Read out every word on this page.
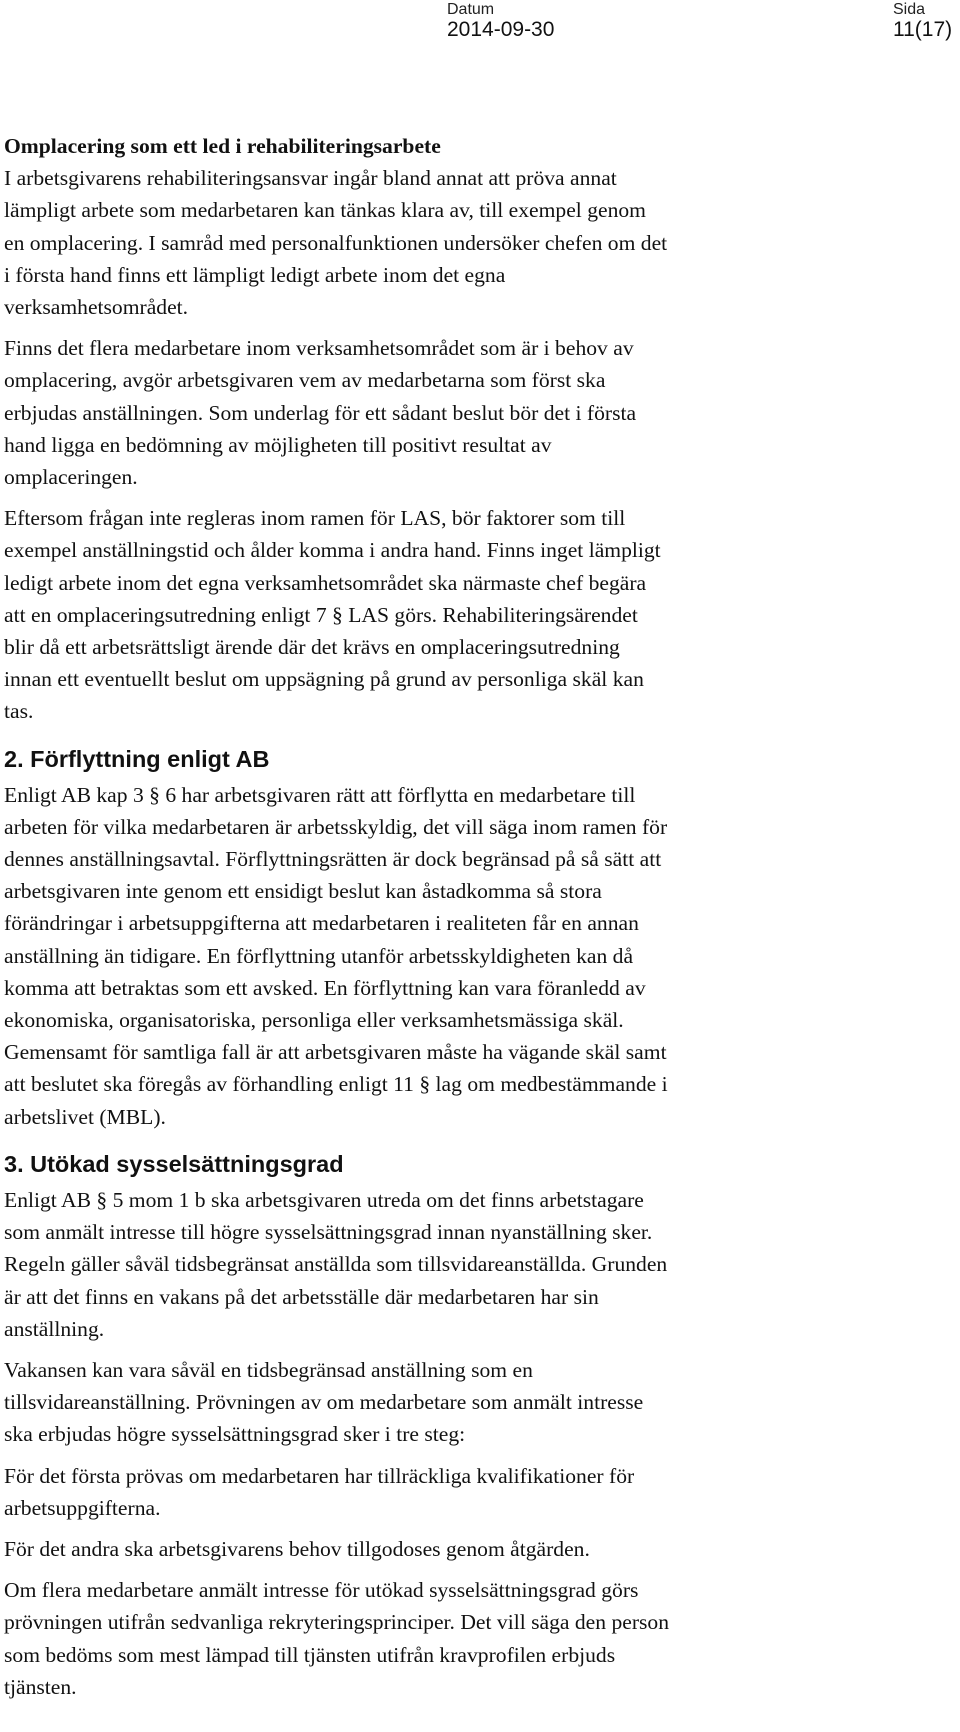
Datum
2014-09-30
Sida
11(17)

Omplacering som ett led i rehabiliteringsarbete

I arbetsgivarens rehabiliteringsansvar ingår bland annat att pröva annat
lämpligt arbete som medarbetaren kan tänkas klara av, till exempel genom
en omplacering. I samråd med personalfunktionen undersöker chefen om det
i första hand finns ett lämpligt ledigt arbete inom det egna
verksamhetsområdet.

Finns det flera medarbetare inom verksamhetsområdet som är i behov av
omplacering, avgör arbetsgivaren vem av medarbetarna som först ska
erbjudas anställningen. Som underlag för ett sådant beslut bör det i första
hand ligga en bedömning av möjligheten till positivt resultat av
omplaceringen.

Eftersom frågan inte regleras inom ramen för LAS, bör faktorer som till
exempel anställningstid och ålder komma i andra hand. Finns inget lämpligt
ledigt arbete inom det egna verksamhetsområdet ska närmaste chef begära
att en omplaceringsutredning enligt 7 § LAS görs. Rehabiliteringsärendet
blir då ett arbetsrättsligt ärende där det krävs en omplaceringsutredning
innan ett eventuellt beslut om uppsägning på grund av personliga skäl kan
tas.

2. Förflyttning enligt AB

Enligt AB kap 3 § 6 har arbetsgivaren rätt att förflytta en medarbetare till
arbeten för vilka medarbetaren är arbetsskyldig, det vill säga inom ramen för
dennes anställningsavtal. Förflyttningsrätten är dock begränsad på så sätt att
arbetsgivaren inte genom ett ensidigt beslut kan åstadkomma så stora
förändringar i arbetsuppgifterna att medarbetaren i realiteten får en annan
anställning än tidigare. En förflyttning utanför arbetsskyldigheten kan då
komma att betraktas som ett avsked. En förflyttning kan vara föranledd av
ekonomiska, organisatoriska, personliga eller verksamhetsmässiga skäl.
Gemensamt för samtliga fall är att arbetsgivaren måste ha vägande skäl samt
att beslutet ska föregås av förhandling enligt 11 § lag om medbestämmande i
arbetslivet (MBL).

3. Utökad sysselsättningsgrad

Enligt AB § 5 mom 1 b ska arbetsgivaren utreda om det finns arbetstagare
som anmält intresse till högre sysselsättningsgrad innan nyanställning sker.
Regeln gäller såväl tidsbegränsat anställda som tillsvidareanställda. Grunden
är att det finns en vakans på det arbetsställe där medarbetaren har sin
anställning.

Vakansen kan vara såväl en tidsbegränsad anställning som en
tillsvidareanställning. Prövningen av om medarbetare som anmält intresse
ska erbjudas högre sysselsättningsgrad sker i tre steg:

För det första prövas om medarbetaren har tillräckliga kvalifikationer för
arbetsuppgifterna.

För det andra ska arbetsgivarens behov tillgodoses genom åtgärden.

Om flera medarbetare anmält intresse för utökad sysselsättningsgrad görs
prövningen utifrån sedvanliga rekryteringsprinciper. Det vill säga den person
som bedöms som mest lämpad till tjänsten utifrån kravprofilen erbjuds
tjänsten.
